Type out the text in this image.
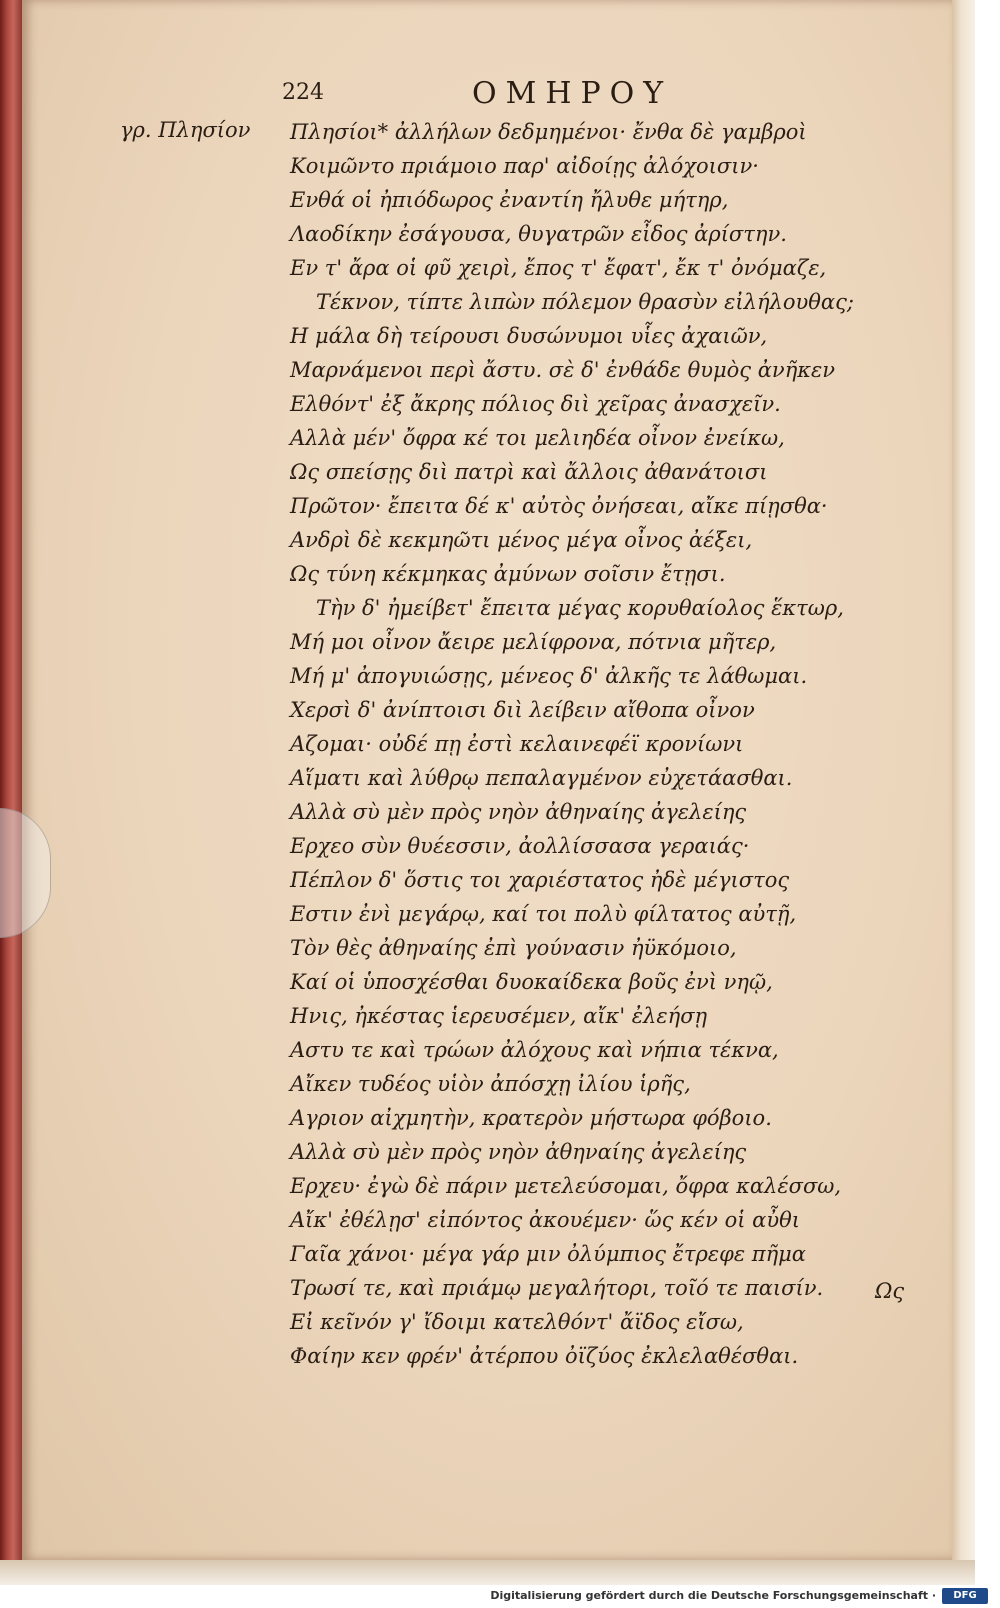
224	ΟΜΗΡΟΥ
γρ. Πλησίον Πλησίοι* ἀλλήλων δεδμημένοι· ἔνθα δὲ γαμβροὶ
Κοιμῶντο πριάμοιο παρ' αἰδοίῃς ἀλόχοισιν·
Ενθά οἱ ἠπιόδωρος ἐναντίη ἤλυθε μήτηρ,
Λαοδίκην ἐσάγουσα, θυγατρῶν εἶδος ἀρίστην.
Εν τ' ἄρα οἱ φῦ χειρὶ, ἔπος τ' ἔφατ', ἔκ τ' ὀνόμαζε,
Τέκνον, τίπτε λιπὼν πόλεμον θρασὺν εἰλήλουθας;
Η μάλα δὴ τείρουσι δυσώνυμοι υἷες ἀχαιῶν,
Μαρνάμενοι περὶ ἄστυ. σὲ δ' ἐνθάδε θυμὸς ἀνῆκεν
Ελθόντ' ἐξ ἄκρης πόλιος διὶ χεῖρας ἀνασχεῖν.
Αλλὰ μέν' ὄφρα κέ τοι μελιηδέα οἶνον ἐνείκω,
Ως σπείσῃς διὶ πατρὶ καὶ ἄλλοις ἀθανάτοισι
Πρῶτον· ἔπειτα δέ κ' αὐτὸς ὀνήσεαι, αἴκε πίῃσθα·
Ανδρὶ δὲ κεκμηῶτι μένος μέγα οἶνος ἀέξει,
Ως τύνη κέκμηκας ἀμύνων σοῖσιν ἔτῃσι.
Τὴν δ' ἠμείβετ' ἔπειτα μέγας κορυθαίολος ἕκτωρ,
Μή μοι οἶνον ἄειρε μελίφρονα, πότνια μῆτερ,
Μή μ' ἀπογυιώσῃς, μένεος δ' ἀλκῆς τε λάθωμαι.
Χερσὶ δ' ἀνίπτοισι διὶ λείβειν αἴθοπα οἶνον
Αζομαι· οὐδέ πῃ ἐστὶ κελαινεφέϊ κρονίωνι
Αἵματι καὶ λύθρῳ πεπαλαγμένον εὐχετάασθαι.
Αλλὰ σὺ μὲν πρὸς νηὸν ἀθηναίης ἀγελείης
Ερχεο σὺν θυέεσσιν, ἀολλίσσασα γεραιάς·
Πέπλον δ' ὅστις τοι χαριέστατος ἠδὲ μέγιστος
Εστιν ἐνὶ μεγάρῳ, καί τοι πολὺ φίλτατος αὐτῇ,
Τὸν θὲς ἀθηναίης ἐπὶ γούνασιν ἠϋκόμοιο,
Καί οἱ ὑποσχέσθαι δυοκαίδεκα βοῦς ἐνὶ νηῷ,
Ηνις, ἠκέστας ἱερευσέμεν, αἴκ' ἐλεήσῃ
Αστυ τε καὶ τρώων ἀλόχους καὶ νήπια τέκνα,
Αἴκεν τυδέος υἱὸν ἀπόσχῃ ἰλίου ἱρῆς,
Αγριον αἰχμητὴν, κρατερὸν μήστωρα φόβοιο.
Αλλὰ σὺ μὲν πρὸς νηὸν ἀθηναίης ἀγελείης
Ερχευ· ἐγὼ δὲ πάριν μετελεύσομαι, ὄφρα καλέσσω,
Αἴκ' ἐθέλῃσ' εἰπόντος ἀκουέμεν· ὥς κέν οἱ αὖθι
Γαῖα χάνοι· μέγα γάρ μιν ὀλύμπιος ἔτρεφε πῆμα
Τρωσί τε, καὶ πριάμῳ μεγαλήτορι, τοῖό τε παισίν.
Εἰ κεῖνόν γ' ἴδοιμι κατελθόντ' ἄϊδος εἴσω,
Φαίην κεν φρέν' ἀτέρπου ὀϊζύος ἐκλελαθέσθαι.
Ως
Digitalisierung gefördert durch die Deutsche Forschungsgemeinschaft ·	DFG
